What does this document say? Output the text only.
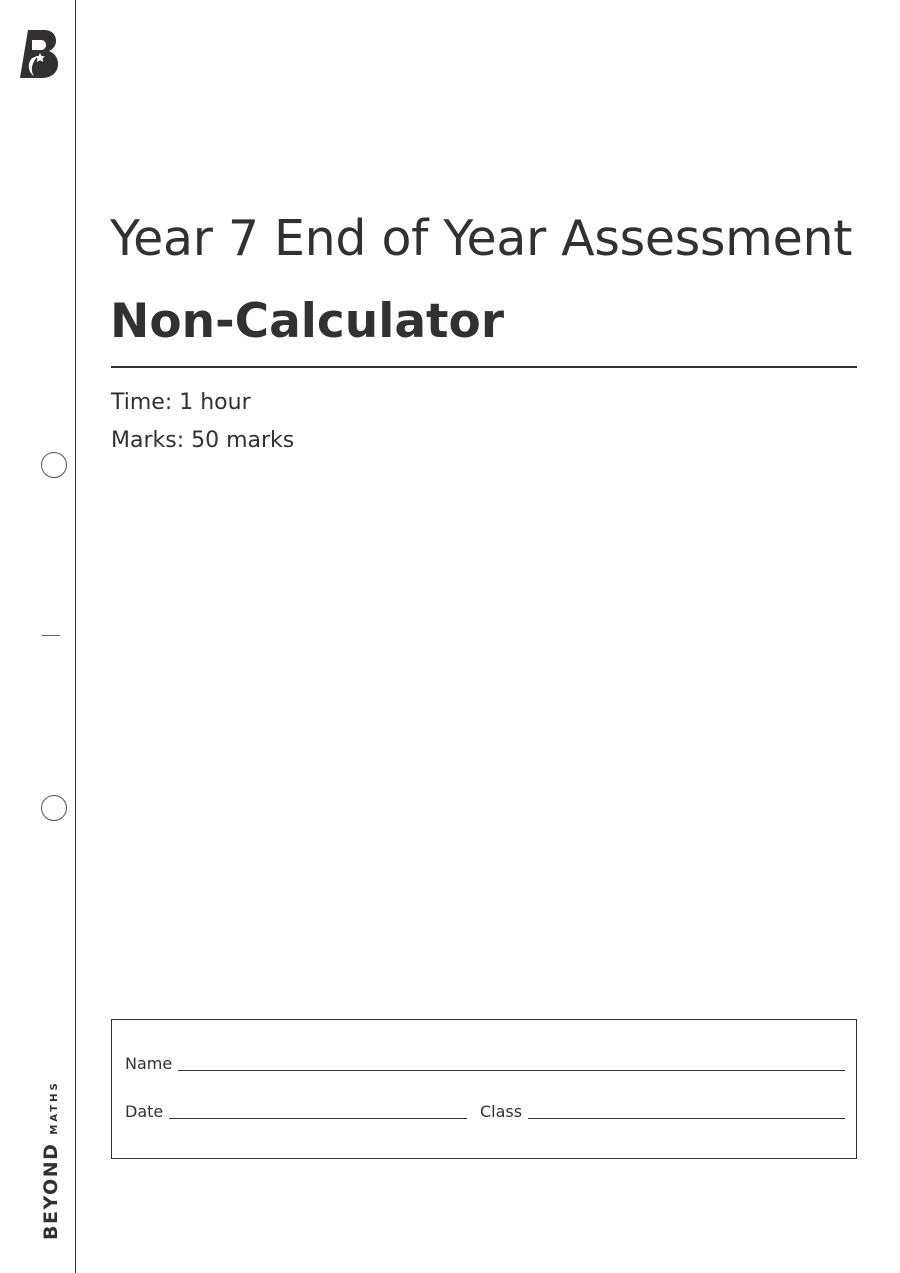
BEYOND
MATHS
Year 7 End of Year Assessment
Non-Calculator
Time: 1 hour
Marks: 50 marks
Name
Date	Class
